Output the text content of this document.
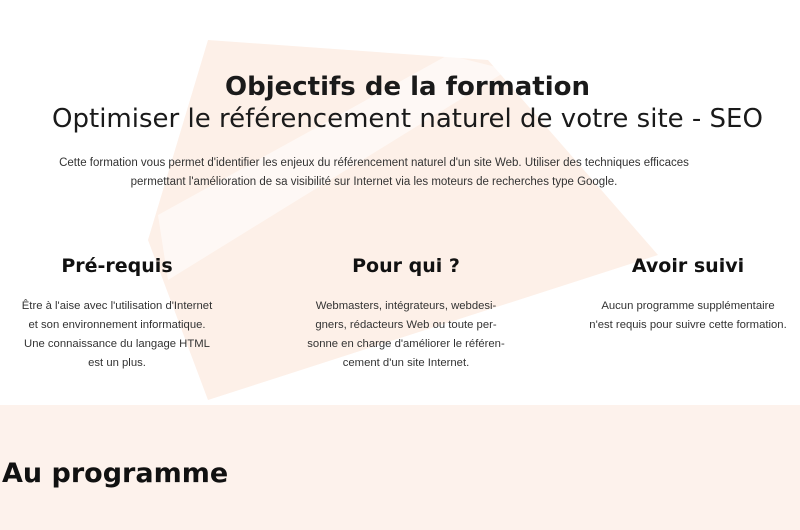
Objectifs de la formation
Optimiser le référencement naturel de votre site - SEO
Cette formation vous permet d'identifier les enjeux du référencement naturel d'un site Web. Utiliser des techniques efficaces
permettant l'amélioration de sa visibilité sur Internet via les moteurs de recherches type Google.
Pré-requis

Être à l'aise avec l'utilisation d'Internet
et son environnement informatique.
Une connaissance du langage HTML
est un plus.

Pour qui ?

Webmasters, intégrateurs, webdesi-
gners, rédacteurs Web ou toute per-
sonne en charge d'améliorer le référen-
cement d'un site Internet.

Avoir suivi

Aucun programme supplémentaire
n'est requis pour suivre cette formation.

Au programme
